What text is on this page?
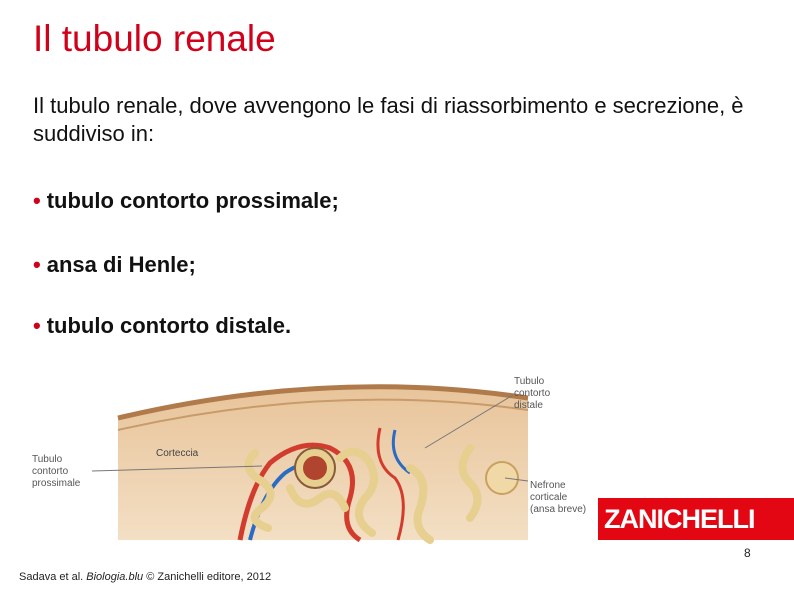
Il tubulo renale
Il tubulo renale, dove avvengono le fasi di riassorbimento e secrezione, è suddiviso in:
• tubulo contorto prossimale;
• ansa di Henle;
• tubulo contorto distale.
Corteccia
Tubulo
contorto
prossimale
Tubulo
contorto
distale
Nefrone
corticale
(ansa breve) ZANICHELLI
8
Sadava et al. Biologia.blu © Zanichelli editore, 2012
